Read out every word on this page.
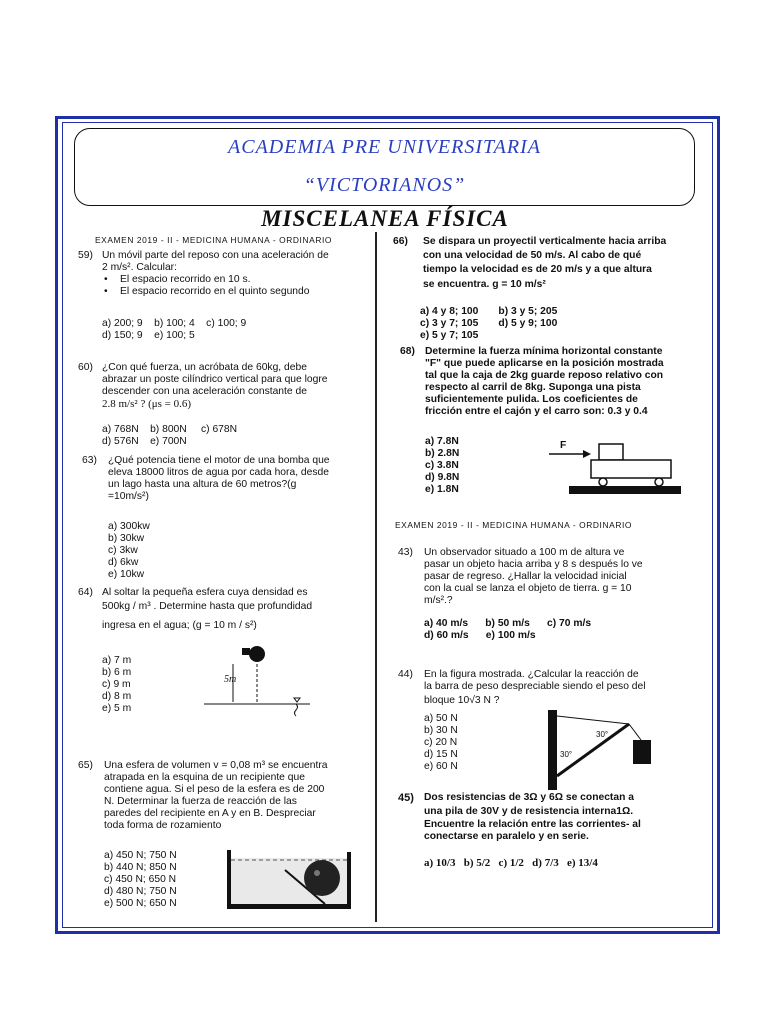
ACADEMIA PRE UNIVERSITARIA
“VICTORIANOS”
MISCELANEA FÍSICA
EXAMEN 2019 - II - MEDICINA HUMANA - ORDINARIO
59) Un móvil parte del reposo con una aceleración de
2 m/s². Calcular:
• El espacio recorrido en 10 s.
• El espacio recorrido en el quinto segundo
a) 200; 9    b) 100; 4    c) 100; 9
d) 150; 9    e) 100; 5
60) ¿Con qué fuerza, un acróbata de 60kg, debe
abrazar un poste cilíndrico vertical para que logre
descender con una aceleración constante de
2.8 m/s² ? (μs = 0.6)
a) 768N    b) 800N     c) 678N
d) 576N    e) 700N
63) ¿Qué potencia tiene el motor de una bomba que
eleva 18000 litros de agua por cada hora, desde
un lago hasta una altura de 60 metros?(g
=10m/s²)
a) 300kw
b) 30kw
c) 3kw
d) 6kw
e) 10kw
64) Al soltar la pequeña esfera cuya densidad es
500kg / m³ . Determine hasta que profundidad
ingresa en el agua; (g = 10 m / s²)
a) 7 m
b) 6 m
c) 9 m
d) 8 m
e) 5 m
5m
65) Una esfera de volumen v = 0,08 m³ se encuentra
atrapada en la esquina de un recipiente que
contiene agua. Si el peso de la esfera es de 200
N. Determinar la fuerza de reacción de las
paredes del recipiente en A y en B. Despreciar
toda forma de rozamiento
a) 450 N; 750 N
b) 440 N; 850 N
c) 450 N; 650 N
d) 480 N; 750 N
e) 500 N; 650 N
66) Se dispara un proyectil verticalmente hacia arriba
con una velocidad de 50 m/s. Al cabo de qué
tiempo la velocidad es de 20 m/s y a que altura
se encuentra. g = 10 m/s²
a) 4 y 8; 100       b) 3 y 5; 205
c) 3 y 7; 105       d) 5 y 9; 100
e) 5 y 7; 105
68) Determine la fuerza mínima horizontal constante
"F" que puede aplicarse en la posición mostrada
tal que la caja de 2kg guarde reposo relativo con
respecto al carril de 8kg. Suponga una pista
suficientemente pulida. Los coeficientes de
fricción entre el cajón y el carro son: 0.3 y 0.4
a) 7.8N
b) 2.8N
c) 3.8N
d) 9.8N
e) 1.8N
F
EXAMEN 2019 - II - MEDICINA HUMANA - ORDINARIO
43) Un observador situado a 100 m de altura ve
pasar un objeto hacia arriba y 8 s después lo ve
pasar de regreso. ¿Hallar la velocidad inicial
con la cual se lanza el objeto de tierra. g = 10
m/s².?
a) 40 m/s      b) 50 m/s      c) 70 m/s
d) 60 m/s      e) 100 m/s
44) En la figura mostrada. ¿Calcular la reacción de
la barra de peso despreciable siendo el peso del
bloque 10√3 N ?
a) 50 N
b) 30 N
c) 20 N
d) 15 N
e) 60 N
30°
30°
45) Dos resistencias de 3Ω y 6Ω se conectan a
una pila de 30V y de resistencia interna1Ω.
Encuentre la relación entre las corrientes- al
conectarse en paralelo y en serie.
a) 10/3   b) 5/2   c) 1/2   d) 7/3   e) 13/4
